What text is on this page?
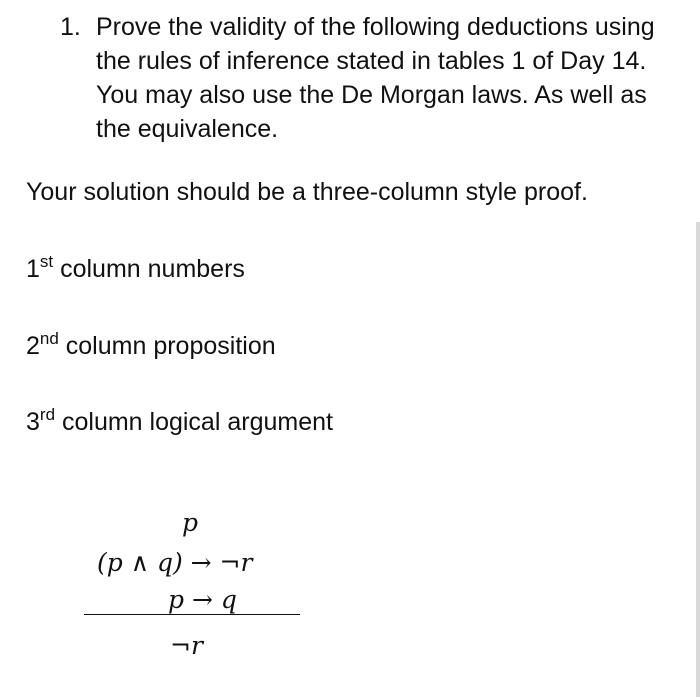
1. Prove the validity of the following deductions using the rules of inference stated in tables 1 of Day 14. You may also use the De Morgan laws. As well as the equivalence.
Your solution should be a three-column style proof.
1st column numbers
2nd column proposition
3rd column logical argument
p
(p ∧ q) → ¬r
p → q
¬r
